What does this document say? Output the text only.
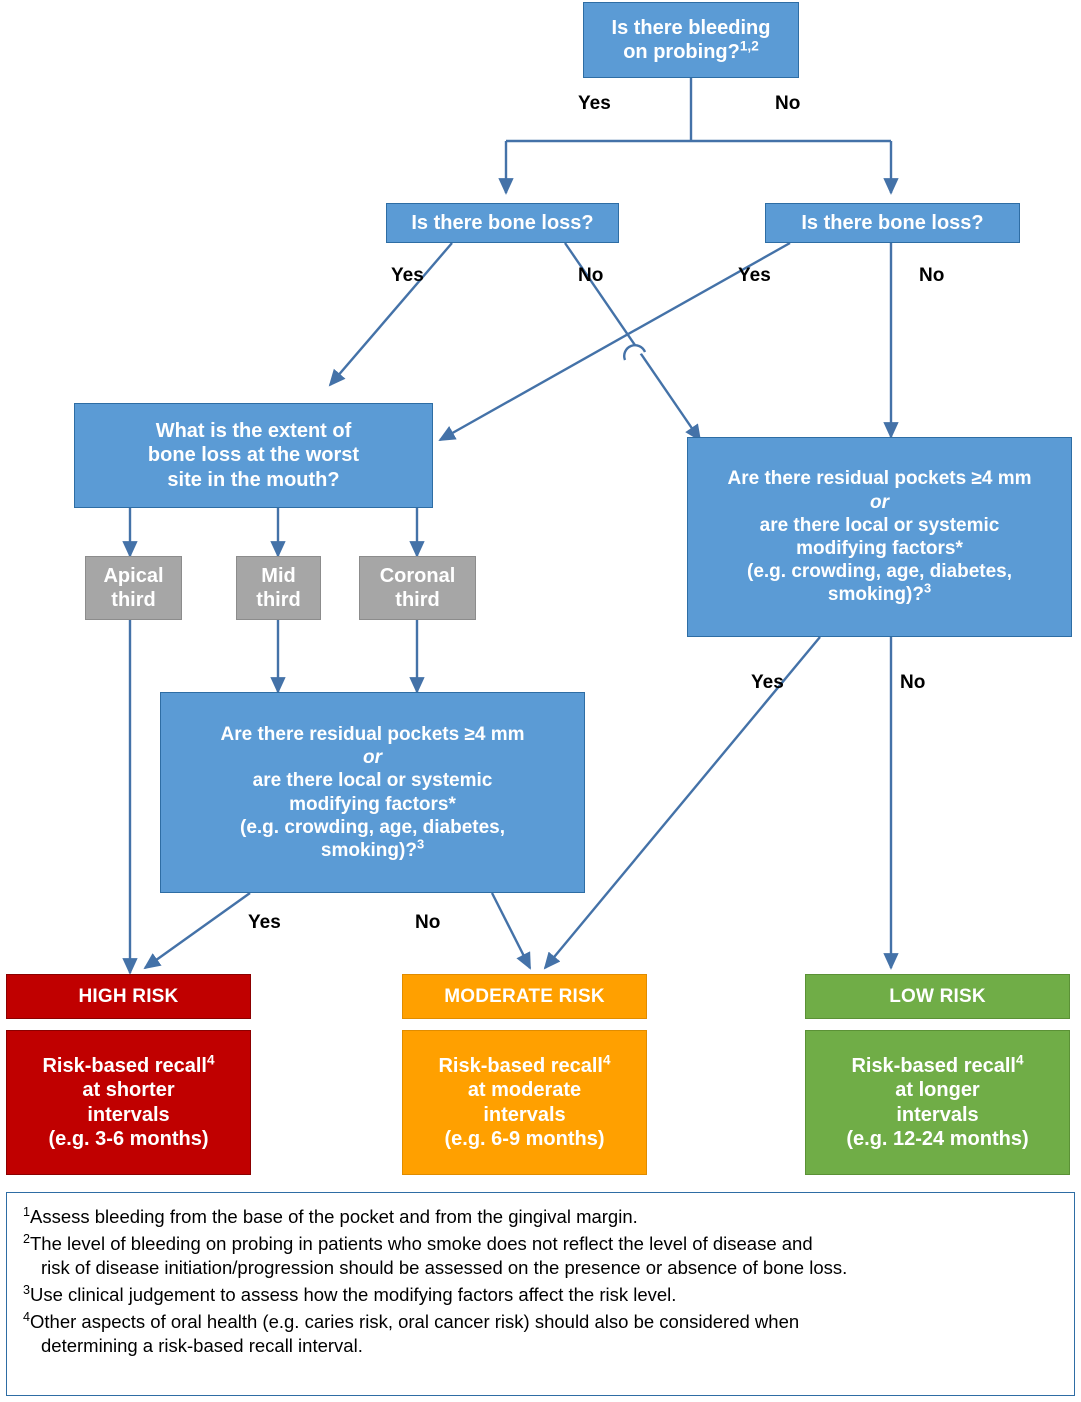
Is there bleeding
on probing?$^{1,2}$
Is there bone loss?	Is there bone loss?
What is the extent of
bone loss at the worst
site in the mouth?
Apical
third
Mid
third
Coronal
third
Are there residual pockets ≥4 mm
or
are there local or systemic
modifying factors*
(e.g. crowding, age, diabetes,
smoking)?$^3$
Are there residual pockets ≥4 mm
or
are there local or systemic
modifying factors*
(e.g. crowding, age, diabetes,
smoking)?$^3$
HIGH RISK	MODERATE RISK	LOW RISK
Risk-based recall$^4$
at shorter
intervals
(e.g. 3-6 months)
Risk-based recall$^4$
at moderate
intervals
(e.g. 6-9 months)
Risk-based recall$^4$
at longer
intervals
(e.g. 12-24 months)
Yes	No
Yes	No	Yes	No
Yes	No
Yes	No
$^1$Assess bleeding from the base of the pocket and from the gingival margin.
$^2$The level of bleeding on probing in patients who smoke does not reflect the level of disease and
risk of disease initiation/progression should be assessed on the presence or absence of bone loss.
$^3$Use clinical judgement to assess how the modifying factors affect the risk level.
$^4$Other aspects of oral health (e.g. caries risk, oral cancer risk) should also be considered when
determining a risk-based recall interval.
